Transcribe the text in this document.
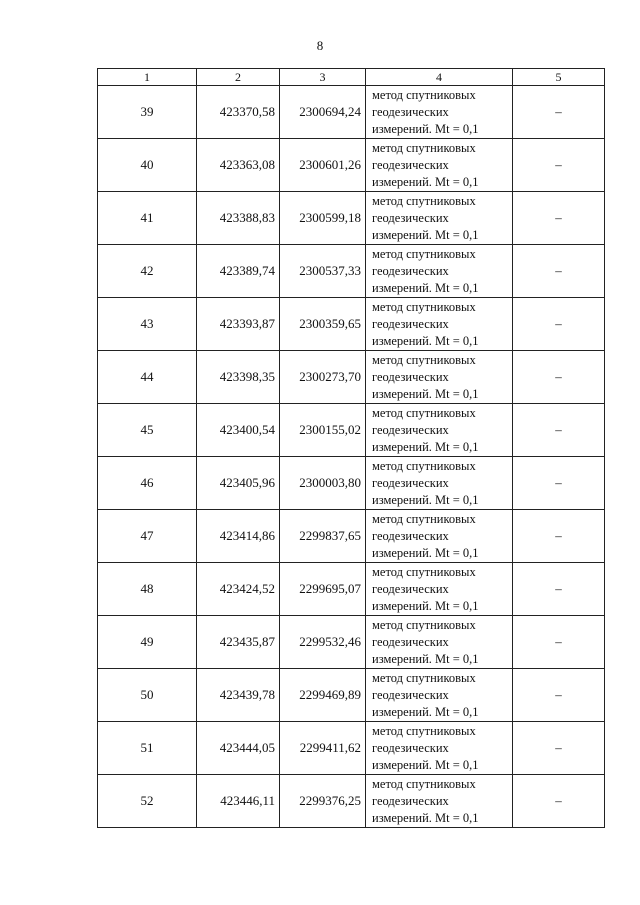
8
1	2	3	4	5
39	423370,58	2300694,24	метод спутниковых
геодезических
измерений. Mt = 0,1	–
40	423363,08	2300601,26	метод спутниковых
геодезических
измерений. Mt = 0,1	–
41	423388,83	2300599,18	метод спутниковых
геодезических
измерений. Mt = 0,1	–
42	423389,74	2300537,33	метод спутниковых
геодезических
измерений. Mt = 0,1	–
43	423393,87	2300359,65	метод спутниковых
геодезических
измерений. Mt = 0,1	–
44	423398,35	2300273,70	метод спутниковых
геодезических
измерений. Mt = 0,1	–
45	423400,54	2300155,02	метод спутниковых
геодезических
измерений. Mt = 0,1	–
46	423405,96	2300003,80	метод спутниковых
геодезических
измерений. Mt = 0,1	–
47	423414,86	2299837,65	метод спутниковых
геодезических
измерений. Mt = 0,1	–
48	423424,52	2299695,07	метод спутниковых
геодезических
измерений. Mt = 0,1	–
49	423435,87	2299532,46	метод спутниковых
геодезических
измерений. Mt = 0,1	–
50	423439,78	2299469,89	метод спутниковых
геодезических
измерений. Mt = 0,1	–
51	423444,05	2299411,62	метод спутниковых
геодезических
измерений. Mt = 0,1	–
52	423446,11	2299376,25	метод спутниковых
геодезических
измерений. Mt = 0,1	–
